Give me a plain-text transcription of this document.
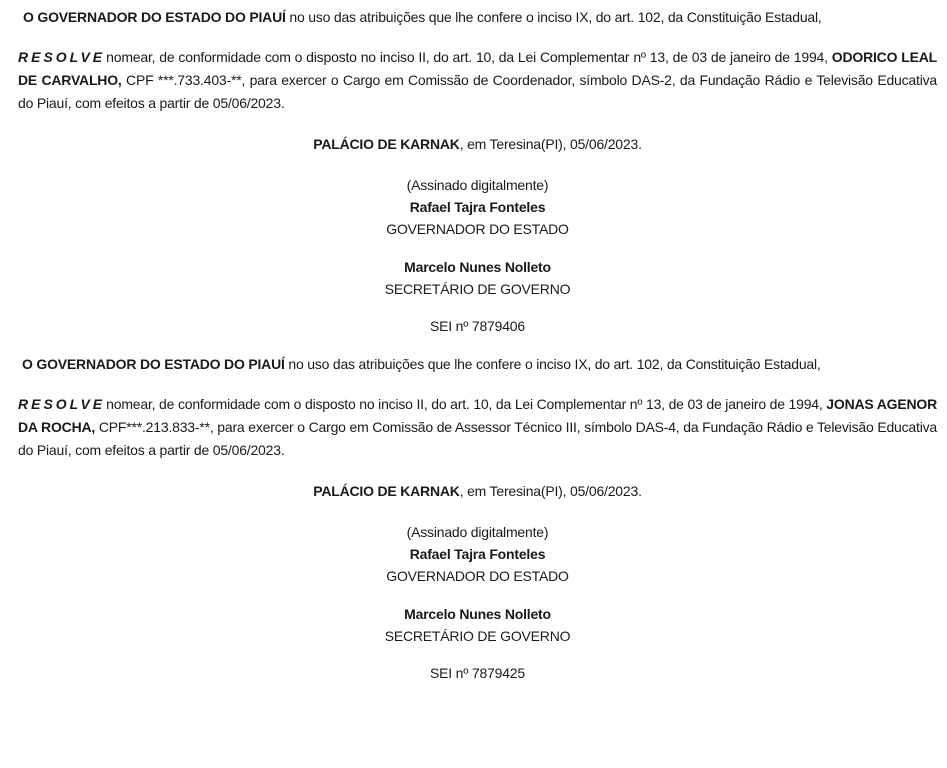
O GOVERNADOR DO ESTADO DO PIAUÍ no uso das atribuições que lhe confere o inciso IX, do art. 102, da Constituição Estadual,

RESOLVEnomear, de conformidade com o disposto no inciso II, do art. 10, da Lei Complementar nº 13, de 03 de janeiro de 1994, ODORICO LEAL DE CARVALHO, CPF ***.733.403-**, para exercer o Cargo em Comissão de Coordenador, símbolo DAS-2, da Fundação Rádio e Televisão Educativa do Piauí, com efeitos a partir de 05/06/2023.

PALÁCIO DE KARNAK, em Teresina(PI), 05/06/2023.
(Assinado digitalmente)
Rafael Tajra Fonteles
GOVERNADOR DO ESTADO
Marcelo Nunes Nolleto
SECRETÁRIO DE GOVERNO
SEI nº 7879406

O GOVERNADOR DO ESTADO DO PIAUÍ no uso das atribuições que lhe confere o inciso IX, do art. 102, da Constituição Estadual,

RESOLVEnomear, de conformidade com o disposto no inciso II, do art. 10, da Lei Complementar nº 13, de 03 de janeiro de 1994, JONAS AGENOR DA ROCHA, CPF***.213.833-**, para exercer o Cargo em Comissão de Assessor Técnico III, símbolo DAS-4, da Fundação Rádio e Televisão Educativa do Piauí, com efeitos a partir de 05/06/2023.

PALÁCIO DE KARNAK, em Teresina(PI), 05/06/2023.
(Assinado digitalmente)
Rafael Tajra Fonteles
GOVERNADOR DO ESTADO
Marcelo Nunes Nolleto
SECRETÁRIO DE GOVERNO
SEI nº 7879425
